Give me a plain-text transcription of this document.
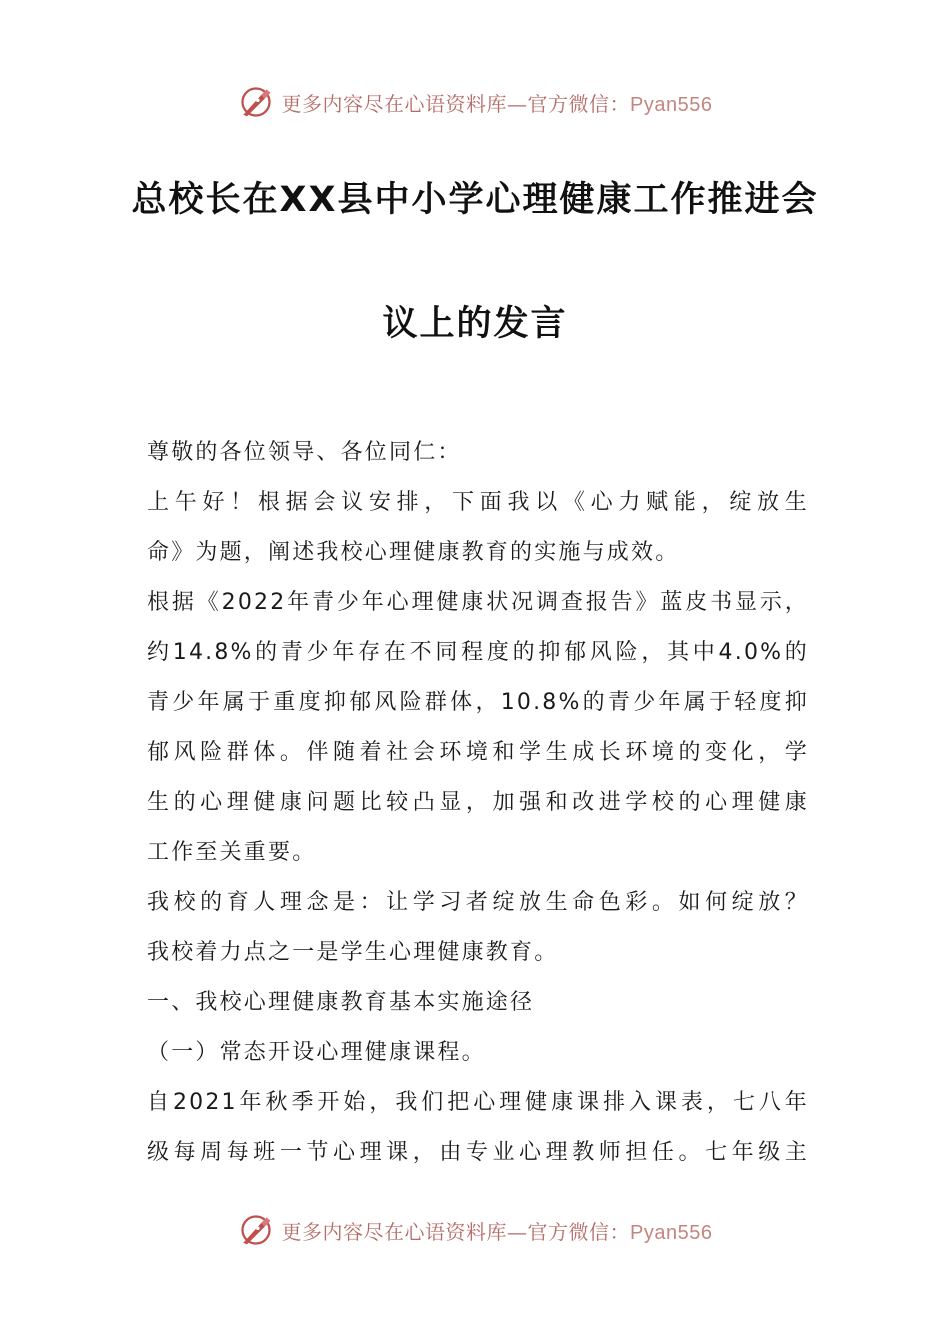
更多内容尽在心语资料库—官方微信：Pyan556
总校长在XX县中小学心理健康工作推进会
议上的发言
尊敬的各位领导、各位同仁：
上午好！根据会议安排，下面我以《心力赋能，绽放生
命》为题，阐述我校心理健康教育的实施与成效。
根据《2022年青少年心理健康状况调查报告》蓝皮书显示，
约14.8%的青少年存在不同程度的抑郁风险，其中4.0%的
青少年属于重度抑郁风险群体，10.8%的青少年属于轻度抑
郁风险群体。伴随着社会环境和学生成长环境的变化，学
生的心理健康问题比较凸显，加强和改进学校的心理健康
工作至关重要。
我校的育人理念是：让学习者绽放生命色彩。如何绽放？
我校着力点之一是学生心理健康教育。
一、我校心理健康教育基本实施途径
（一）常态开设心理健康课程。
自2021年秋季开始，我们把心理健康课排入课表，七八年
级每周每班一节心理课，由专业心理教师担任。七年级主
更多内容尽在心语资料库—官方微信：Pyan556
